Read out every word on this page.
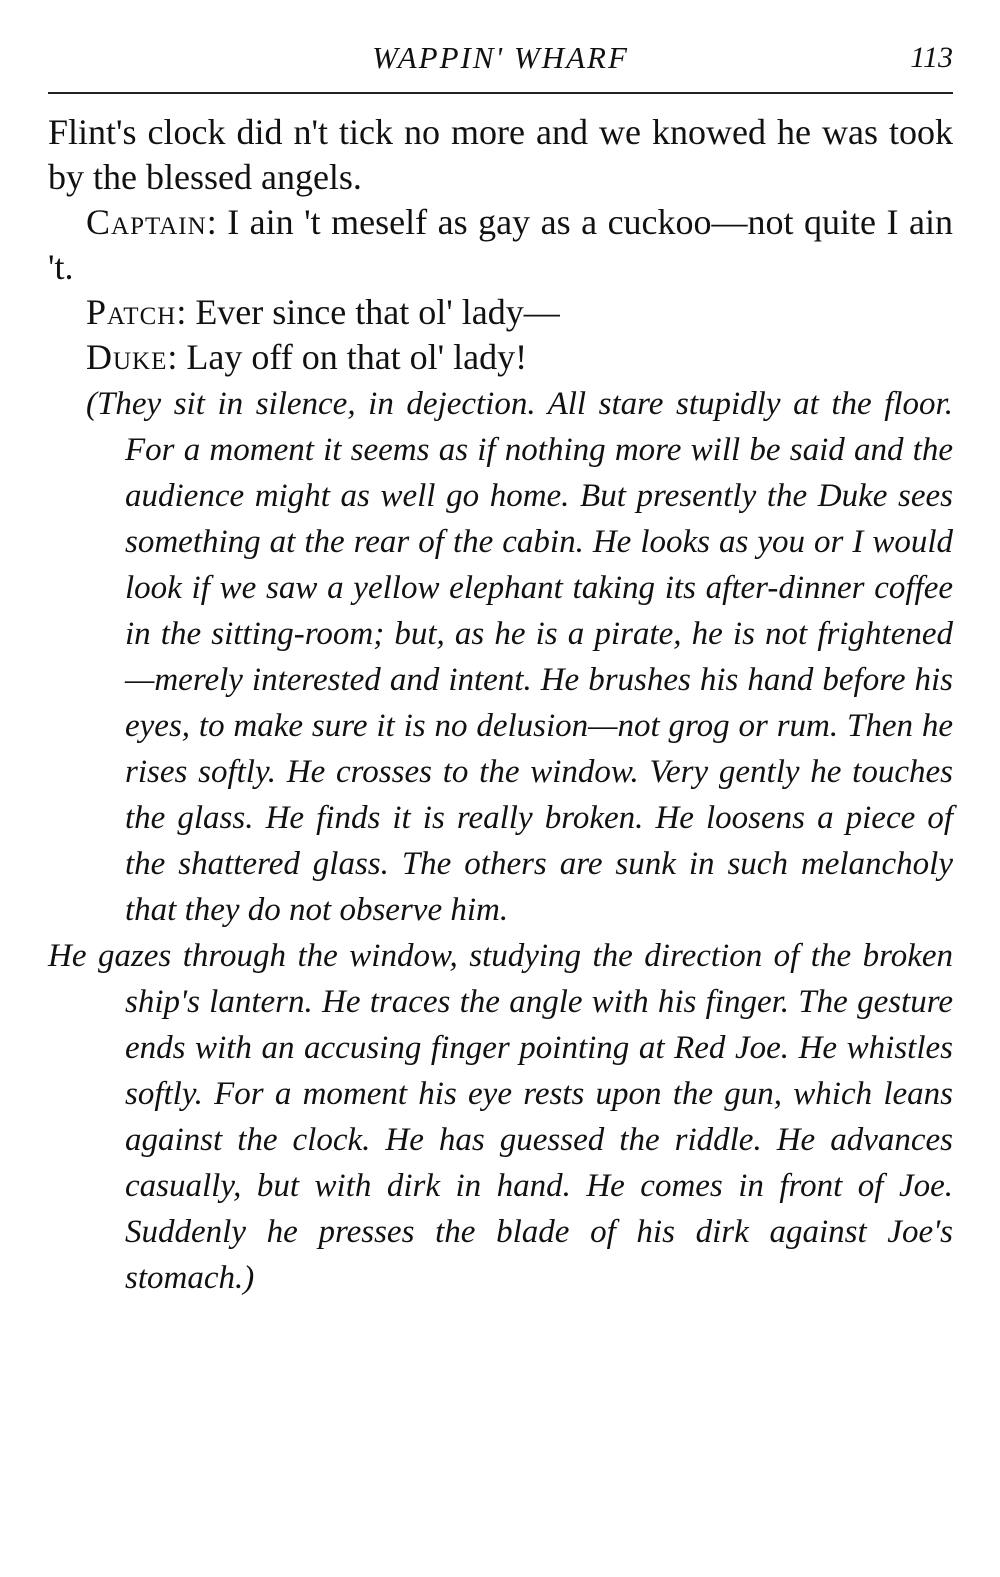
WAPPIN' WHARF	113

Flint's clock did n't tick no more and we knowed he was took by the blessed angels.

Captain: I ain 't meself as gay as a cuckoo—not quite I ain 't.

Patch: Ever since that ol' lady—

Duke: Lay off on that ol' lady!

(They sit in silence, in dejection. All stare stupidly at the floor. For a moment it seems as if nothing more will be said and the audience might as well go home. But presently the Duke sees something at the rear of the cabin. He looks as you or I would look if we saw a yellow elephant taking its after-dinner coffee in the sitting-room; but, as he is a pirate, he is not frightened—merely interested and intent. He brushes his hand before his eyes, to make sure it is no delusion—not grog or rum. Then he rises softly. He crosses to the window. Very gently he touches the glass. He finds it is really broken. He loosens a piece of the shattered glass. The others are sunk in such melancholy that they do not observe him.

He gazes through the window, studying the direction of the broken ship's lantern. He traces the angle with his finger. The gesture ends with an accusing finger pointing at Red Joe. He whistles softly. For a moment his eye rests upon the gun, which leans against the clock. He has guessed the riddle. He advances casually, but with dirk in hand. He comes in front of Joe. Suddenly he presses the blade of his dirk against Joe's stomach.)
